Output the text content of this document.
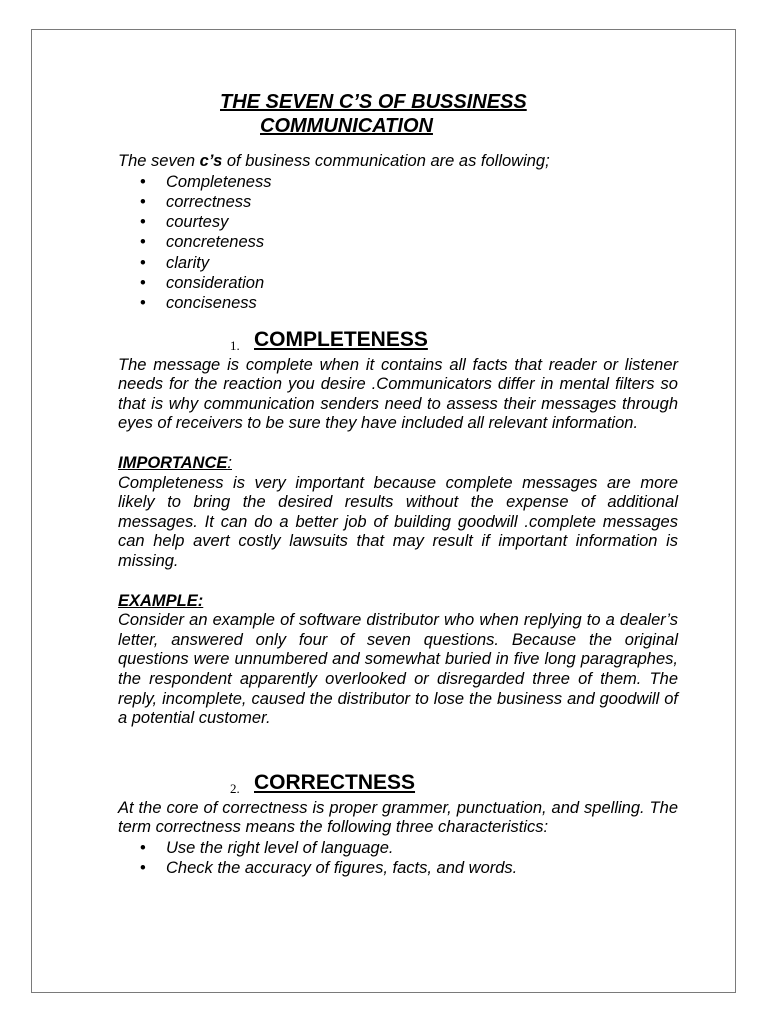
THE SEVEN C’S OF BUSSINESS
COMMUNICATION

The seven c’s of business communication are as following;

• Completeness
• correctness
• courtesy
• concreteness
• clarity
• consideration
• conciseness
1. COMPLETENESS

The message is complete when it contains all facts that reader or listener needs for the reaction you desire .Communicators differ in mental filters so that is why communication senders need to assess their messages through eyes of receivers to be sure they have included all relevant information.

IMPORTANCE:

Completeness is very important because complete messages are more likely to bring the desired results without the expense of additional messages. It can do a better job of building goodwill .complete messages can help avert costly lawsuits that may result if important information is missing.

EXAMPLE:

Consider an example of software distributor who when replying to a dealer’s letter, answered only four of seven questions. Because the original questions were unnumbered and somewhat buried in five long paragraphes, the respondent apparently overlooked or disregarded three of them. The reply, incomplete, caused the distributor to lose the business and goodwill of a potential customer.

2. CORRECTNESS

At the core of correctness is proper grammer, punctuation, and spelling. The term correctness means the following three characteristics:

• Use the right level of language.
• Check the accuracy of figures, facts, and words.
